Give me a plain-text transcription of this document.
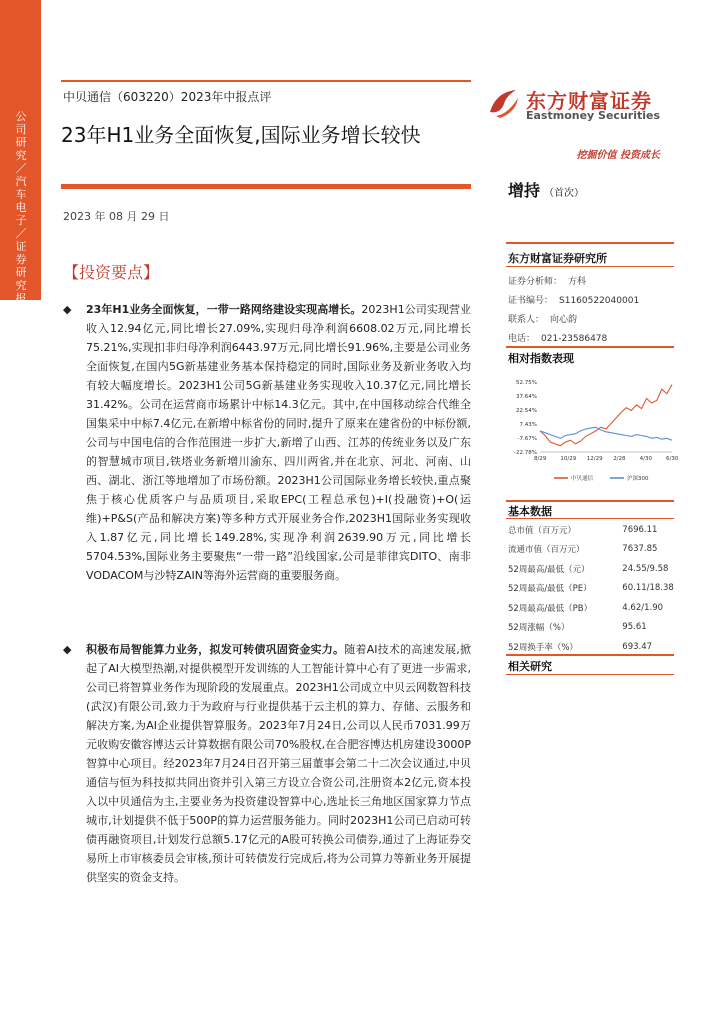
公司研究／汽车电子／证券研究报告
中贝通信（603220）2023年中报点评
23年H1业务全面恢复,国际业务增长较快
2023 年 08 月 29 日
【投资要点】
◆ 23年H1业务全面恢复，一带一路网络建设实现高增长。2023H1公司实现营业收入12.94亿元,同比增长27.09%,实现归母净利润6608.02万元,同比增长75.21%,实现扣非归母净利润6443.97万元,同比增长91.96%,主要是公司业务全面恢复,在国内5G新基建业务基本保持稳定的同时,国际业务及新业务收入均有较大幅度增长。2023H1公司5G新基建业务实现收入10.37亿元,同比增长31.42%。公司在运营商市场累计中标14.3亿元。其中,在中国移动综合代维全国集采中中标7.4亿元,在新增中标省份的同时,提升了原来在建省份的中标份额,公司与中国电信的合作范围进一步扩大,新增了山西、江苏的传统业务以及广东的智慧城市项目,铁塔业务新增川渝东、四川两省,并在北京、河北、河南、山西、湖北、浙江等地增加了市场份额。2023H1公司国际业务增长较快,重点聚焦于核心优质客户与品质项目,采取EPC(工程总承包)+I(投融资)+O(运维)+P&S(产品和解决方案)等多种方式开展业务合作,2023H1国际业务实现收入1.87亿元,同比增长149.28%,实现净利润2639.90万元,同比增长5704.53%,国际业务主要聚焦“一带一路”沿线国家,公司是菲律宾DITO、南非VODACOM与沙特ZAIN等海外运营商的重要服务商。

◆ 积极布局智能算力业务，拟发可转债巩固资金实力。随着AI技术的高速发展,掀起了AI大模型热潮,对提供模型开发训练的人工智能计算中心有了更进一步需求,公司已将智算业务作为现阶段的发展重点。2023H1公司成立中贝云网数智科技(武汉)有限公司,致力于为政府与行业提供基于云主机的算力、存储、云服务和解决方案,为AI企业提供智算服务。2023年7月24日,公司以人民币7031.99万元收购安徽容博达云计算数据有限公司70%股权,在合肥容博达机房建设3000P智算中心项目。经2023年7月24日召开第三届董事会第二十二次会议通过,中贝通信与恒为科技拟共同出资并引入第三方设立合资公司,注册资本2亿元,资本投入以中贝通信为主,主要业务为投资建设智算中心,选址长三角地区国家算力节点城市,计划提供不低于500P的算力运营服务能力。同时2023H1公司已启动可转债再融资项目,计划发行总额5.17亿元的A股可转换公司债券,通过了上海证券交易所上市审核委员会审核,预计可转债发行完成后,将为公司算力等新业务开展提供坚实的资金支持。

东方财富证券
Eastmoney Securities
挖掘价值 投资成长
增持 （首次）
东方财富证券研究所
证券分析师： 方科
证书编号： S1160522040001
联系人： 向心韵
电话： 021-23586478
相对指数表现
52.75%
37.64%
22.54%
7.43%
-7.67%
-22.78%
8/29	10/29 12/29 2/28	4/30	6/30
中贝通信	沪深300
基本数据
总市值（百万元）	7696.11
流通市值（百万元）	7637.85
52周最高/最低（元）	24.55/9.58
52周最高/最低（PE）	60.11/18.38
52周最高/最低（PB）	4.62/1.90
52周涨幅（%）	95.61
52周换手率（%）	693.47
相关研究
